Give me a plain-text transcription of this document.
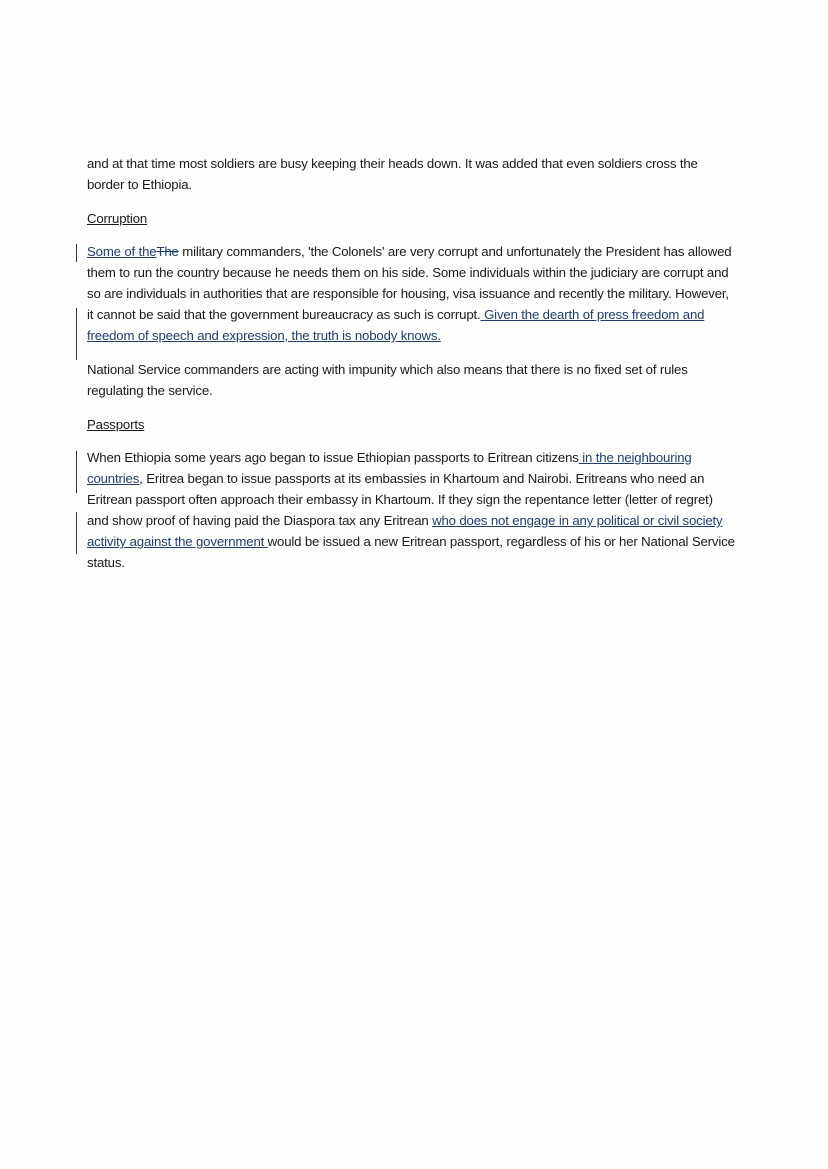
and at that time most soldiers are busy keeping their heads down. It was added that even soldiers cross the border to Ethiopia.

Corruption

Some of theThe military commanders, 'the Colonels' are very corrupt and unfortunately the President has allowed them to run the country because he needs them on his side. Some individuals within the judiciary are corrupt and so are individuals in authorities that are responsible for housing, visa issuance and recently the military. However, it cannot be said that the government bureaucracy as such is corrupt. Given the dearth of press freedom and freedom of speech and expression, the truth is nobody knows.

National Service commanders are acting with impunity which also means that there is no fixed set of rules regulating the service.

Passports

When Ethiopia some years ago began to issue Ethiopian passports to Eritrean citizens in the neighbouring countries, Eritrea began to issue passports at its embassies in Khartoum and Nairobi. Eritreans who need an Eritrean passport often approach their embassy in Khartoum. If they sign the repentance letter (letter of regret) and show proof of having paid the Diaspora tax any Eritrean who does not engage in any political or civil society activity against the government would be issued a new Eritrean passport, regardless of his or her National Service status.
